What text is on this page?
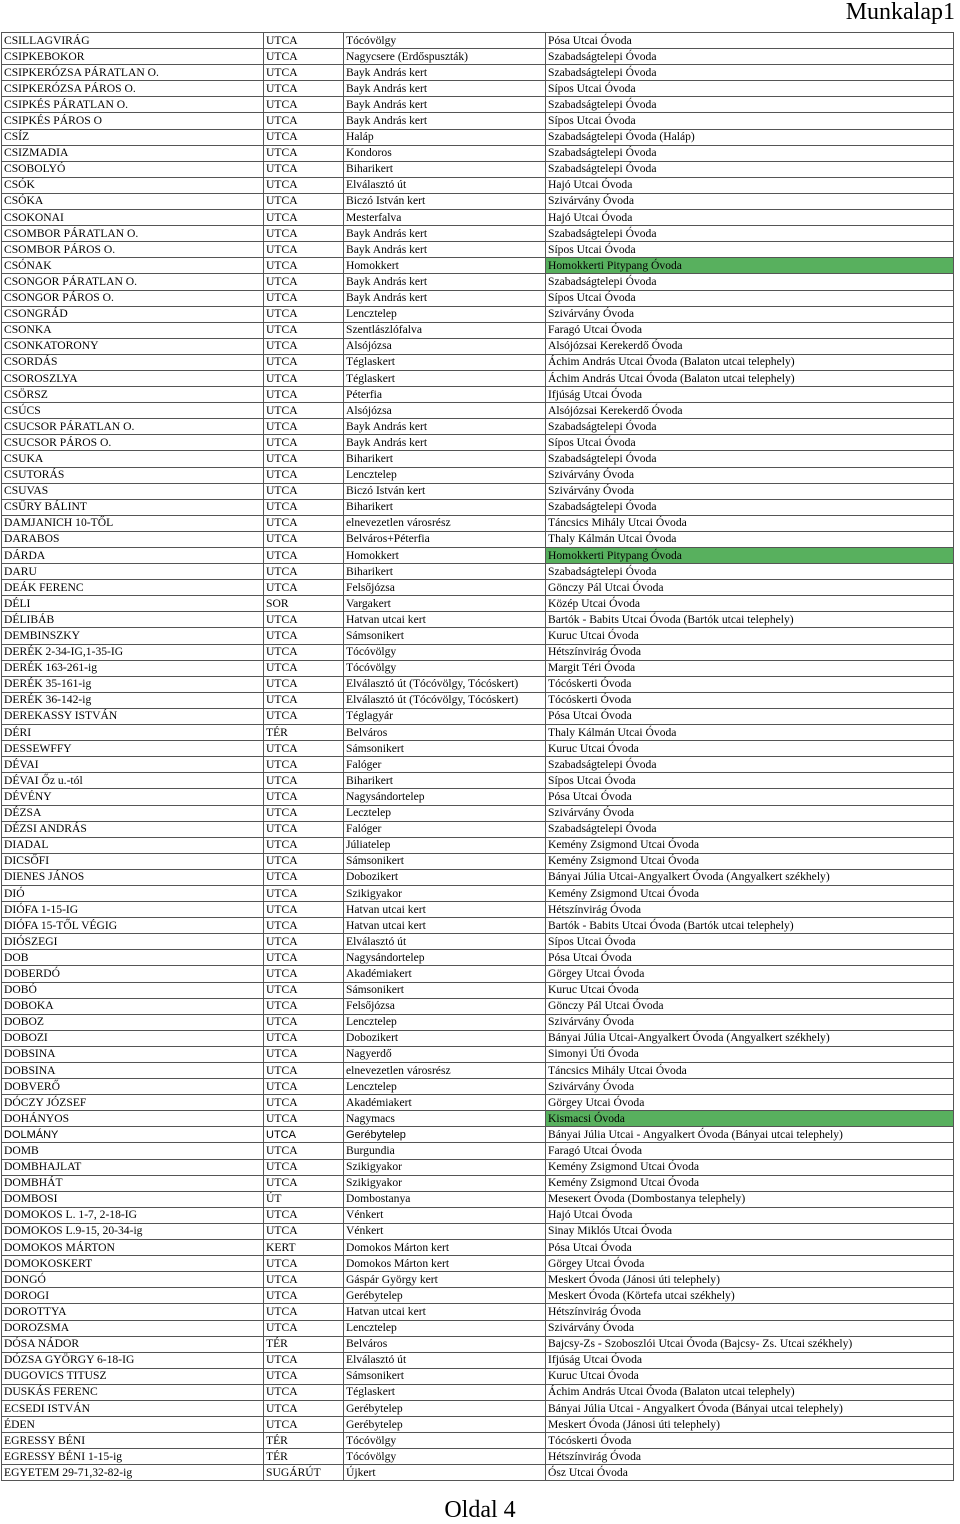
Munkalap1
CSILLAGVIRÁG	UTCA	Tócóvölgy	Pósa Utcai Óvoda
CSIPKEBOKOR	UTCA	Nagycsere (Erdőspuszták)	Szabadságtelepi Óvoda
CSIPKERÓZSA PÁRATLAN O.	UTCA	Bayk András kert	Szabadságtelepi Óvoda
CSIPKERÓZSA PÁROS O.	UTCA	Bayk András kert	Sípos Utcai Óvoda
CSIPKÉS PÁRATLAN O.	UTCA	Bayk András kert	Szabadságtelepi Óvoda
CSIPKÉS PÁROS O	UTCA	Bayk András kert	Sípos Utcai Óvoda
CSÍZ	UTCA	Haláp	Szabadságtelepi Óvoda (Haláp)
CSIZMADIA	UTCA	Kondoros	Szabadságtelepi Óvoda
CSOBOLYÓ	UTCA	Biharikert	Szabadságtelepi Óvoda
CSÓK	UTCA	Elválasztó út	Hajó Utcai Óvoda
CSÓKA	UTCA	Biczó István kert	Szivárvány Óvoda
CSOKONAI	UTCA	Mesterfalva	Hajó Utcai Óvoda
CSOMBOR PÁRATLAN O.	UTCA	Bayk András kert	Szabadságtelepi Óvoda
CSOMBOR PÁROS O.	UTCA	Bayk András kert	Sípos Utcai Óvoda
CSÓNAK	UTCA	Homokkert	Homokkerti Pitypang Óvoda
CSONGOR PÁRATLAN O.	UTCA	Bayk András kert	Szabadságtelepi Óvoda
CSONGOR PÁROS O.	UTCA	Bayk András kert	Sípos Utcai Óvoda
CSONGRÁD	UTCA	Lencztelep	Szivárvány Óvoda
CSONKA	UTCA	Szentlászlófalva	Faragó Utcai Óvoda
CSONKATORONY	UTCA	Alsójózsa	Alsójózsai Kerekerdő Óvoda
CSORDÁS	UTCA	Téglaskert	Áchim András Utcai Óvoda (Balaton utcai telephely)
CSOROSZLYA	UTCA	Téglaskert	Áchim András Utcai Óvoda (Balaton utcai telephely)
CSÖRSZ	UTCA	Péterfia	Ifjúság Utcai Óvoda
CSÚCS	UTCA	Alsójózsa	Alsójózsai Kerekerdő Óvoda
CSUCSOR PÁRATLAN O.	UTCA	Bayk András kert	Szabadságtelepi Óvoda
CSUCSOR PÁROS O.	UTCA	Bayk András kert	Sípos Utcai Óvoda
CSUKA	UTCA	Biharikert	Szabadságtelepi Óvoda
CSUTORÁS	UTCA	Lencztelep	Szivárvány Óvoda
CSUVAS	UTCA	Biczó István kert	Szivárvány Óvoda
CSŰRY BÁLINT	UTCA	Biharikert	Szabadságtelepi Óvoda
DAMJANICH 10-TŐL	UTCA	elnevezetlen városrész	Táncsics Mihály Utcai Óvoda
DARABOS	UTCA	Belváros+Péterfia	Thaly Kálmán Utcai Óvoda
DÁRDA	UTCA	Homokkert	Homokkerti Pitypang Óvoda
DARU	UTCA	Biharikert	Szabadságtelepi Óvoda
DEÁK FERENC	UTCA	Felsőjózsa	Gönczy Pál Utcai Óvoda
DÉLI	SOR	Vargakert	Közép Utcai Óvoda
DÉLIBÁB	UTCA	Hatvan utcai kert	Bartók - Babits Utcai Óvoda (Bartók utcai telephely)
DEMBINSZKY	UTCA	Sámsonikert	Kuruc Utcai Óvoda
DERÉK 2-34-IG,1-35-IG	UTCA	Tócóvölgy	Hétszínvirág Óvoda
DERÉK 163-261-ig	UTCA	Tócóvölgy	Margit Téri Óvoda
DERÉK 35-161-ig	UTCA	Elválasztó út (Tócóvölgy, Tócóskert)	Tócóskerti Óvoda
DERÉK 36-142-ig	UTCA	Elválasztó út (Tócóvölgy, Tócóskert)	Tócóskerti Óvoda
DEREKASSY ISTVÁN	UTCA	Téglagyár	Pósa Utcai Óvoda
DÉRI	TÉR	Belváros	Thaly Kálmán Utcai Óvoda
DESSEWFFY	UTCA	Sámsonikert	Kuruc Utcai Óvoda
DÉVAI	UTCA	Falóger	Szabadságtelepi Óvoda
DÉVAI Őz u.-tól	UTCA	Biharikert	Sípos Utcai Óvoda
DÉVÉNY	UTCA	Nagysándortelep	Pósa Utcai Óvoda
DÉZSA	UTCA	Lecztelep	Szivárvány Óvoda
DÉZSI ANDRÁS	UTCA	Falóger	Szabadságtelepi Óvoda
DIADAL	UTCA	Júliatelep	Kemény Zsigmond Utcai Óvoda
DICSŐFI	UTCA	Sámsonikert	Kemény Zsigmond Utcai Óvoda
DIENES JÁNOS	UTCA	Dobozikert	Bányai Júlia Utcai-Angyalkert Óvoda (Angyalkert székhely)
DIÓ	UTCA	Szikigyakor	Kemény Zsigmond Utcai Óvoda
DIÓFA 1-15-IG	UTCA	Hatvan utcai kert	Hétszínvirág Óvoda
DIÓFA 15-TŐL VÉGIG	UTCA	Hatvan utcai kert	Bartók - Babits Utcai Óvoda (Bartók utcai telephely)
DIÓSZEGI	UTCA	Elválasztó út	Sípos Utcai Óvoda
DOB	UTCA	Nagysándortelep	Pósa Utcai Óvoda
DOBERDÓ	UTCA	Akadémiakert	Görgey Utcai Óvoda
DOBÓ	UTCA	Sámsonikert	Kuruc Utcai Óvoda
DOBOKA	UTCA	Felsőjózsa	Gönczy Pál Utcai Óvoda
DOBOZ	UTCA	Lencztelep	Szivárvány Óvoda
DOBOZI	UTCA	Dobozikert	Bányai Júlia Utcai-Angyalkert Óvoda (Angyalkert székhely)
DOBSINA	UTCA	Nagyerdő	Simonyi Úti Óvoda
DOBSINA	UTCA	elnevezetlen városrész	Táncsics Mihály Utcai Óvoda
DOBVERŐ	UTCA	Lencztelep	Szivárvány Óvoda
DÓCZY JÓZSEF	UTCA	Akadémiakert	Görgey Utcai Óvoda
DOHÁNYOS	UTCA	Nagymacs	Kismacsi Óvoda
DOLMÁNY	UTCA	Gerébytelep	Bányai Júlia Utcai - Angyalkert Óvoda (Bányai utcai telephely)
DOMB	UTCA	Burgundia	Faragó Utcai Óvoda
DOMBHAJLAT	UTCA	Szikigyakor	Kemény Zsigmond Utcai Óvoda
DOMBHÁT	UTCA	Szikigyakor	Kemény Zsigmond Utcai Óvoda
DOMBOSI	ÚT	Dombostanya	Meseкert Óvoda (Dombostanya telephely)
DOMOKOS L. 1-7, 2-18-IG	UTCA	Vénkert	Hajó Utcai Óvoda
DOMOKOS L.9-15, 20-34-ig	UTCA	Vénkert	Sinay Miklós Utcai Óvoda
DOMOKOS MÁRTON	KERT	Domokos Márton kert	Pósa Utcai Óvoda
DOMOKOSKERT	UTCA	Domokos Márton kert	Görgey Utcai Óvoda
DONGÓ	UTCA	Gáspár György kert	Meskert Óvoda (Jánosi úti telephely)
DOROGI	UTCA	Gerébytelep	Meskert Óvoda (Körtefa utcai székhely)
DOROTTYA	UTCA	Hatvan utcai kert	Hétszínvirág Óvoda
DOROZSMA	UTCA	Lencztelep	Szivárvány Óvoda
DÓSA NÁDOR	TÉR	Belváros	Bajcsy-Zs - Szoboszlói Utcai Óvoda (Bajcsy- Zs. Utcai székhely)
DÓZSA GYÖRGY 6-18-IG	UTCA	Elválasztó út	Ifjúság Utcai Óvoda
DUGOVICS TITUSZ	UTCA	Sámsonikert	Kuruc Utcai Óvoda
DUSKÁS FERENC	UTCA	Téglaskert	Áchim András Utcai Óvoda (Balaton utcai telephely)
ECSEDI ISTVÁN	UTCA	Gerébytelep	Bányai Júlia Utcai - Angyalkert Óvoda (Bányai utcai telephely)
ÉDEN	UTCA	Gerébytelep	Meskert Óvoda (Jánosi úti telephely)
EGRESSY BÉNI	TÉR	Tócóvölgy	Tócóskerti Óvoda
EGRESSY BÉNI 1-15-ig	TÉR	Tócóvölgy	Hétszínvirág Óvoda
EGYETEM 29-71,32-82-ig	SUGÁRÚT	Újkert	Ósz Utcai Óvoda
Oldal 4
